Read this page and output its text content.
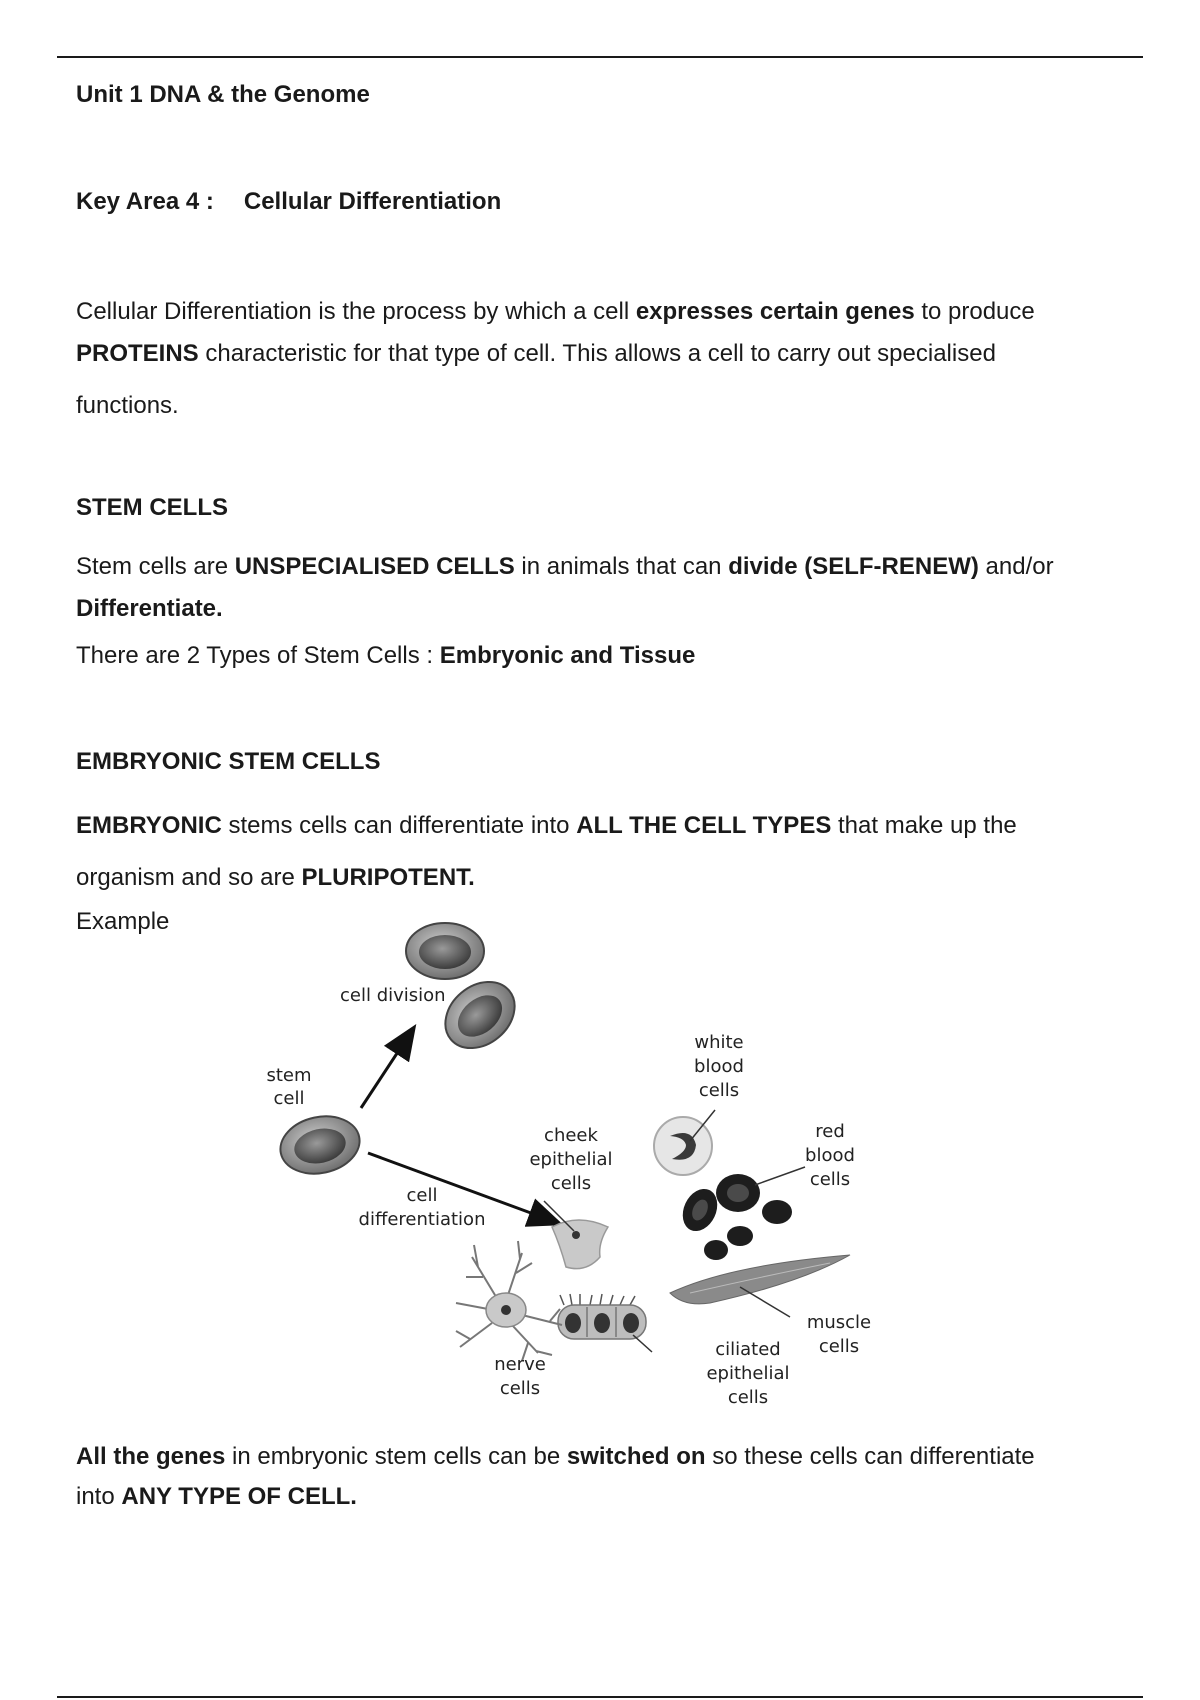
Unit 1 DNA & the Genome

Key Area 4 : Cellular Differentiation

Cellular Differentiation is the process by which a cell expresses certain genes to produce
PROTEINS characteristic for that type of cell. This allows a cell to carry out specialised
functions.

STEM CELLS

Stem cells are UNSPECIALISED CELLS in animals that can divide (SELF-RENEW) and/or
Differentiate.

There are 2 Types of Stem Cells : Embryonic and Tissue

EMBRYONIC STEM CELLS

EMBRYONIC stems cells can differentiate into ALL THE CELL TYPES that make up the
organism and so are PLURIPOTENT.

Example

cell division
stem
cell
white
blood
cells
cheek
epithelial
cells
red
blood
cells
cell
differentiation
muscle
cells
ciliated
epithelial
cells
nerve
cells

All the genes in embryonic stem cells can be switched on so these cells can differentiate
into ANY TYPE OF CELL.
